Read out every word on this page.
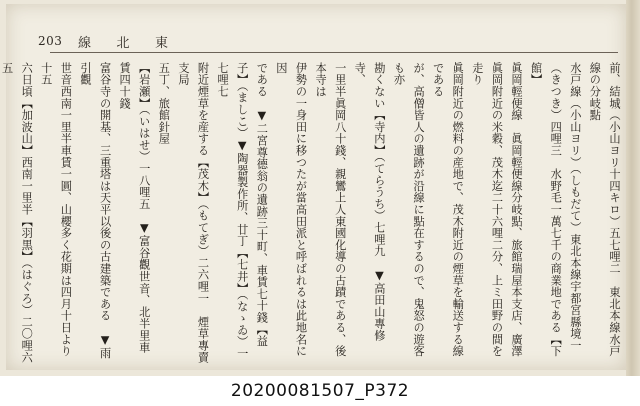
203 線 北 東

前、結城（小山ヨリ十四キロ）五七哩二　東北本線水戸線の分岐點

水戸線（小山ヨリ）（しもだて）東北本線宇都宮縣境一

（きつき）四哩三　水野毛一萬七千の商業地である【下館】

眞岡輕便線　眞岡輕便線分岐點、旅館瑞屋本支店、廣澤

眞岡附近の米穀、茂木迄二十六哩二分、上ミ田野の間を走り

眞岡附近の燃料の産地で、茂木附近の煙草を輸送する線である

が、高僧皆人の遺跡が沿線に點在するので、鬼怒の遊客も亦

勘くない【寺内】（てらうち）七哩九　▼高田山專修寺、

一里半眞岡八十錢、親鸞上人東國化導の古蹟である、後本寺は

伊勢の一身田に移つたが當高田派と呼ばれるは此地名に因

である　▼二宮尊德翁の遺跡三十町、車賃七十錢【益

子】（ましこ）▼陶器製作所、廿丁【七井】（なゝゐ）一七哩七

附近煙草を産する【茂木】（もてぎ）二六哩一　煙草專賣支局

五丁、旅館針屋

【岩瀬】（いはせ）一八哩五　▼富谷觀世音、北半里車賃四十錢

富谷寺の開基、三重塔は天平以後の古建築である　▼雨引觀

世音西南一里半車賃一圓、山櫻多く花期は四月十日より十五

六日頃【加波山】西南一里半【羽黒】（はぐろ）二〇哩六五

20200081507_P372
